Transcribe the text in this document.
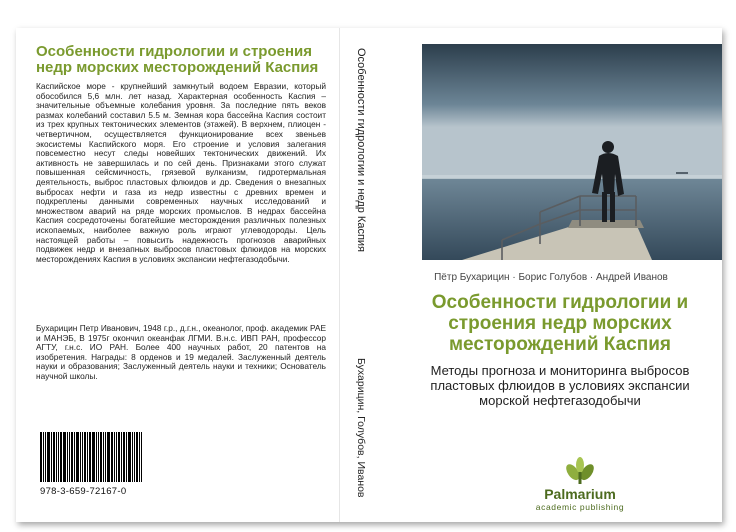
Особенности гидрологии и строения недр морских месторождений Каспия
Каспийское море - крупнейший замкнутый водоем Евразии, который обособился 5,6 млн. лет назад. Характерная особенность Каспия – значительные объемные колебания уровня. За последние пять веков размах колебаний составил 5.5 м. Земная кора бассейна Каспия состоит из трех крупных тектонических элементов (этажей). В верхнем, плиоцен - четвертичном, осуществляется функционирование всех звеньев экосистемы Каспийского моря. Его строение и условия залегания повсеместно несут следы новейших тектонических движений. Их активность не завершилась и по сей день. Признаками этого служат повышенная сейсмичность, грязевой вулканизм, гидротермальная деятельность, выброс пластовых флюидов и др. Сведения о внезапных выбросах нефти и газа из недр известны с древних времен и подкреплены данными современных научных исследований и множеством аварий на ряде морских промыслов. В недрах бассейна Каспия сосредоточены богатейшие месторождения различных полезных ископаемых, наиболее важную роль играют углеводороды. Цель настоящей работы – повысить надежность прогнозов аварийных подвижек недр и внезапных выбросов пластовых флюидов на морских месторождениях Каспия в условиях экспансии нефтегазодобычи.
Бухарицин Петр Иванович, 1948 г.р., д.г.н., океанолог, проф. академик РАЕ и МАНЭБ, В 1975г окончил океанфак ЛГМИ. В.н.с. ИВП РАН, профессор АГТУ, г.н.с. ИО РАН. Более 400 научных работ, 20 патентов на изобретения. Награды: 8 орденов и 19 медалей. Заслуженный деятель науки и образования; Заслуженный деятель науки и техники; Основатель научной школы.
978-3-659-72167-0
Особенности гидрологии и недр Каспия
Бухарицин, Голубов, Иванов
Пётр Бухарицин · Борис Голубов · Андрей Иванов
Особенности гидрологии и строения недр морских месторождений Каспия
Методы прогноза и мониторинга выбросов пластовых флюидов в условиях экспансии морской нефтегазодобычи
Palmarium
academic publishing
